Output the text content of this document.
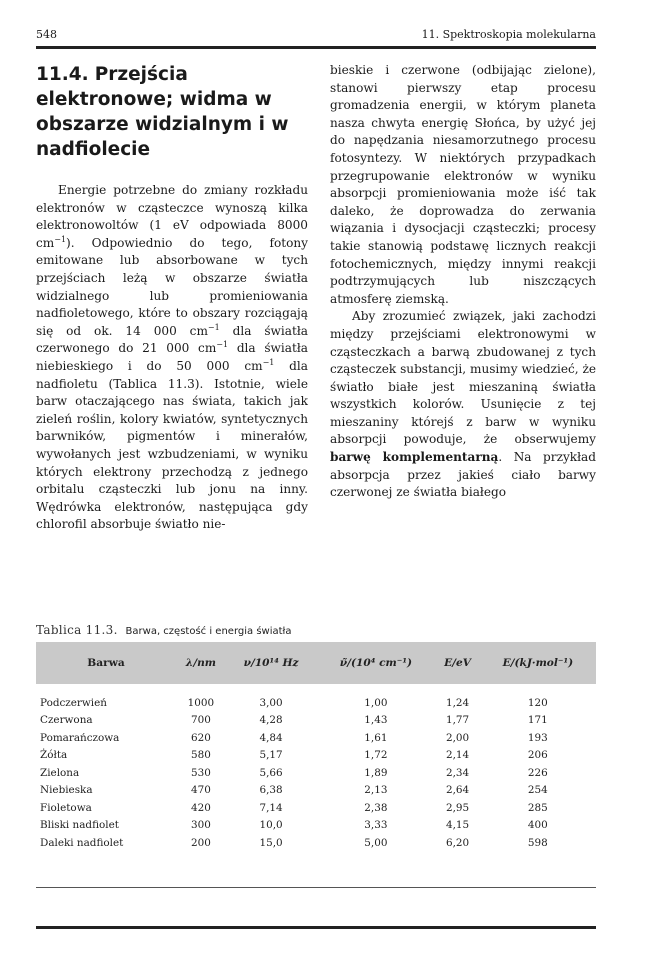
548	11. Spektroskopia molekularna
11.4. Przejścia elektronowe; widma w obszarze widzialnym i w nadfiolecie

Energie potrzebne do zmiany rozkładu elektronów w cząsteczce wynoszą kilka elektronowoltów (1 eV odpowiada 8000 $cm^{-1}$). Odpowiednio do tego, fotony emitowane lub absorbowane w tych przejściach leżą w obszarze światła widzialnego lub promieniowania nadfioletowego, które to obszary rozciągają się od ok. 14 000 $cm^{-1}$ dla światła czerwonego do 21 000 $cm^{-1}$ dla światła niebieskiego i do 50 000 $cm^{-1}$ dla nadfioletu (Tablica 11.3). Istotnie, wiele barw otaczającego nas świata, takich jak zieleń roślin, kolory kwiatów, syntetycznych barwników, pigmentów i minerałów, wywołanych jest wzbudzeniami, w wyniku których elektrony przechodzą z jednego orbitalu cząsteczki lub jonu na inny. Wędrówka elektronów, następująca gdy chlorofil absorbuje światło nie-

bieskie i czerwone (odbijając zielone), stanowi pierwszy etap procesu gromadzenia energii, w którym planeta nasza chwyta energię Słońca, by użyć jej do napędzania niesamorzutnego procesu fotosyntezy. W niektórych przypadkach przegrupowanie elektronów w wyniku absorpcji promieniowania może iść tak daleko, że doprowadza do zerwania wiązania i dysocjacji cząsteczki; procesy takie stanowią podstawę licznych reakcji fotochemicznych, między innymi reakcji podtrzymujących lub niszczących atmosferę ziemską.

Aby zrozumieć związek, jaki zachodzi między przejściami elektronowymi w cząsteczkach a barwą zbudowanej z tych cząsteczek substancji, musimy wiedzieć, że światło białe jest mieszaniną światła wszystkich kolorów. Usunięcie z tej mieszaniny którejś z barw w wyniku absorpcji powoduje, że obserwujemy barwę komplementarną. Na przykład absorpcja przez jakieś ciało barwy czerwonej ze światła białego

Tablica 11.3. Barwa, częstość i energia światła
Barwa	λ/nm	ν/10¹⁴ Hz	ν̃/(10⁴ cm⁻¹)	E/eV	E/(kJ·mol⁻¹)
Podczerwień	1000	3,00	1,00	1,24	120
Czerwona	700	4,28	1,43	1,77	171
Pomarańczowa	620	4,84	1,61	2,00	193
Żółta	580	5,17	1,72	2,14	206
Zielona	530	5,66	1,89	2,34	226
Niebieska	470	6,38	2,13	2,64	254
Fioletowa	420	7,14	2,38	2,95	285
Bliski nadfiolet	300	10,0	3,33	4,15	400
Daleki nadfiolet	200	15,0	5,00	6,20	598
